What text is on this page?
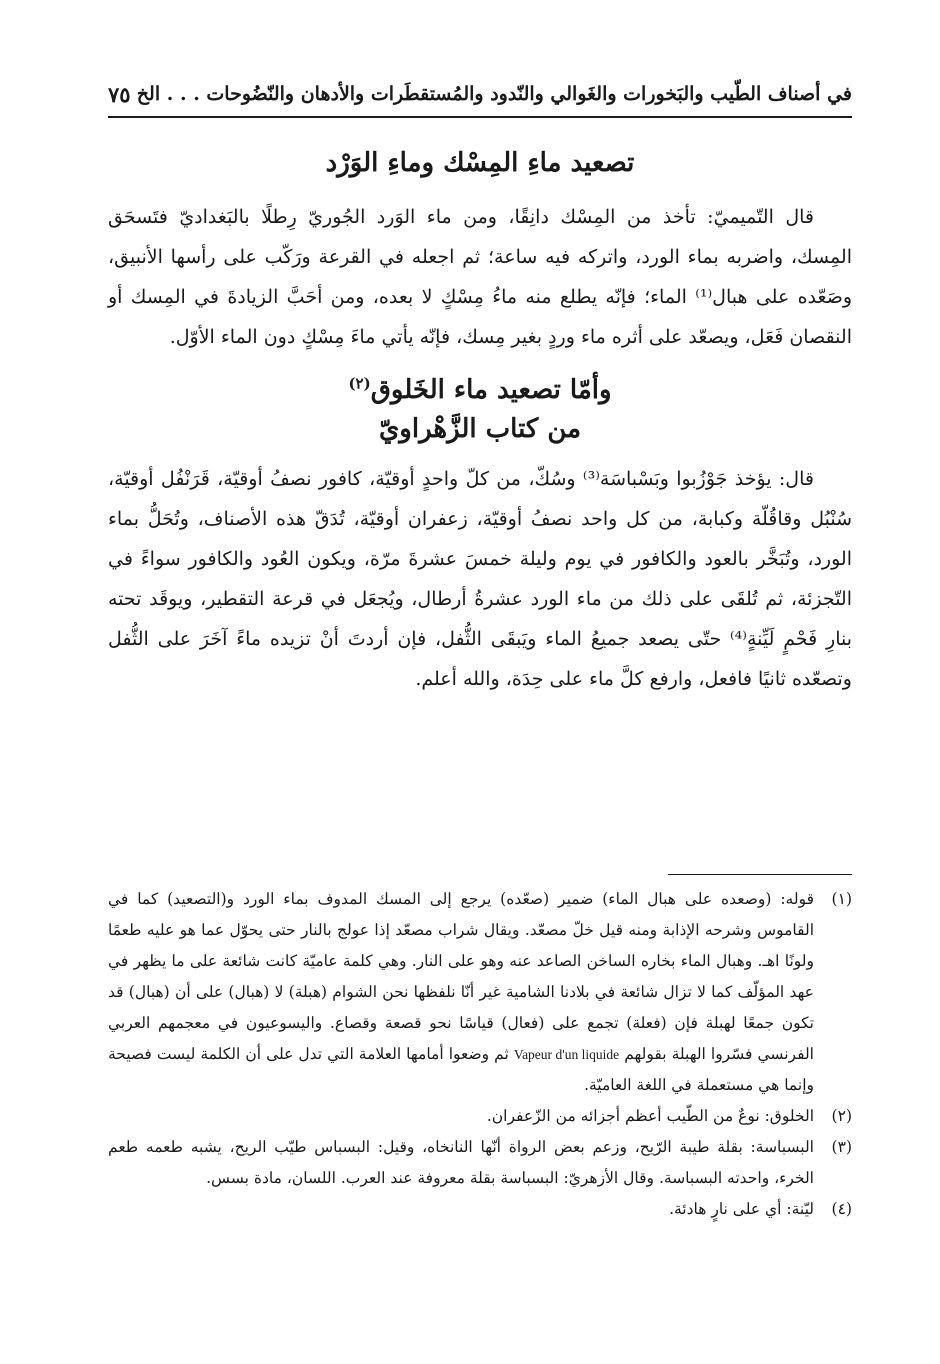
في أصناف الطّيب والبَخورات والغَوالي والنّدود والمُستقطَرات والأدهان والنّضُوحات . . . الخ
٧٥
تصعيد ماءِ المِسْك وماءِ الوَرْد

قال التّميميّ: تأخذ من المِسْك دانِقًا، ومن ماء الوَرد الجُوريّ رِطلًا بالبَغداديّ فتَسحَق المِسك، واضربه بماء الورد، واتركه فيه ساعة؛ ثم اجعله في القرعة ورَكّب على رأسها الأنبيق، وصَعّده على هبال⁽¹⁾ الماء؛ فإنّه يطلع منه ماءُ مِسْكٍ لا بعده، ومن أحَبَّ الزيادةَ في المِسك أو النقصان فَعَل، ويصعّد على أثره ماء وردٍ بغير مِسك، فإنّه يأتي ماءَ مِسْكٍ دون الماء الأوّل.

وأمّا تصعيد ماء الخَلوق$^{(٢)}$
من كتاب الزَّهْراويّ

قال: يؤخذ جَوْزُبوا وبَسْباسَة⁽³⁾ وسُكّ، من كلّ واحدٍ أوقيّة، كافور نصفُ أوقيّة، قَرَنْفُل أوقيّة، سُنْبُل وقاقُلّة وكبابة، من كل واحد نصفُ أوقيّة، زعفران أوقيّة، تُدَقّ هذه الأصناف، وتُحَلُّ بماء الورد، وتُبَخَّر بالعود والكافور في يوم وليلة خمسَ عشرةَ مرّة، ويكون العُود والكافور سواءً في التّجزئة، ثم تُلقَى على ذلك من ماء الورد عشرةُ أرطال، ويُجعَل في قرعة التقطير، ويوقَد تحته بنارِ فَحْمٍ لَيِّنةٍ⁽⁴⁾ حتّى يصعد جميعُ الماء ويَبقَى الثُّفل، فإن أردتَ أنْ تزيده ماءً آخَرَ على الثُّفل وتصعّده ثانيًا فافعل، وارفع كلَّ ماء على حِدَة، والله أعلم.

(١)
قوله: (وصعده على هبال الماء) ضمير (صعّده) يرجع إلى المسك المدوف بماء الورد و(التصعيد) كما في القاموس وشرحه الإذابة ومنه قيل خلّ مصعّد. ويقال شراب مصعّد إذا عولج بالنار حتى يحوّل عما هو عليه طعمًا ولونًا اهـ. وهبال الماء بخاره الساخن الصاعد عنه وهو على النار. وهي كلمة عاميّة كانت شائعة على ما يظهر في عهد المؤلّف كما لا تزال شائعة في بلادنا الشامية غير أنّا نلفظها نحن الشوام (هبلة) لا (هبال) على أن (هبال) قد تكون جمعًا لهبلة فإن (فعلة) تجمع على (فعال) قياسًا نحو قصعة وقصاع. واليسوعيون في معجمهم العربي الفرنسي فسّروا الهبلة بقولهم Vapeur d'un liquide ثم وضعوا أمامها العلامة التي تدل على أن الكلمة ليست فصيحة وإنما هي مستعملة في اللغة العاميّة.
(٢)
الخلوق: نوعٌ من الطّيب أعظم أجزائه من الزّعفران.
(٣)
البسباسة: بقلة طيبة الرّيح، وزعم بعض الرواة أنّها النانخاه، وقيل: البسباس طيّب الريح، يشبه طعمه طعم الخرء، واحدته البسباسة. وقال الأزهريّ: البسباسة بقلة معروفة عند العرب. اللسان، مادة بسس.
(٤)
ليّنة: أي على نارٍ هادئة.
